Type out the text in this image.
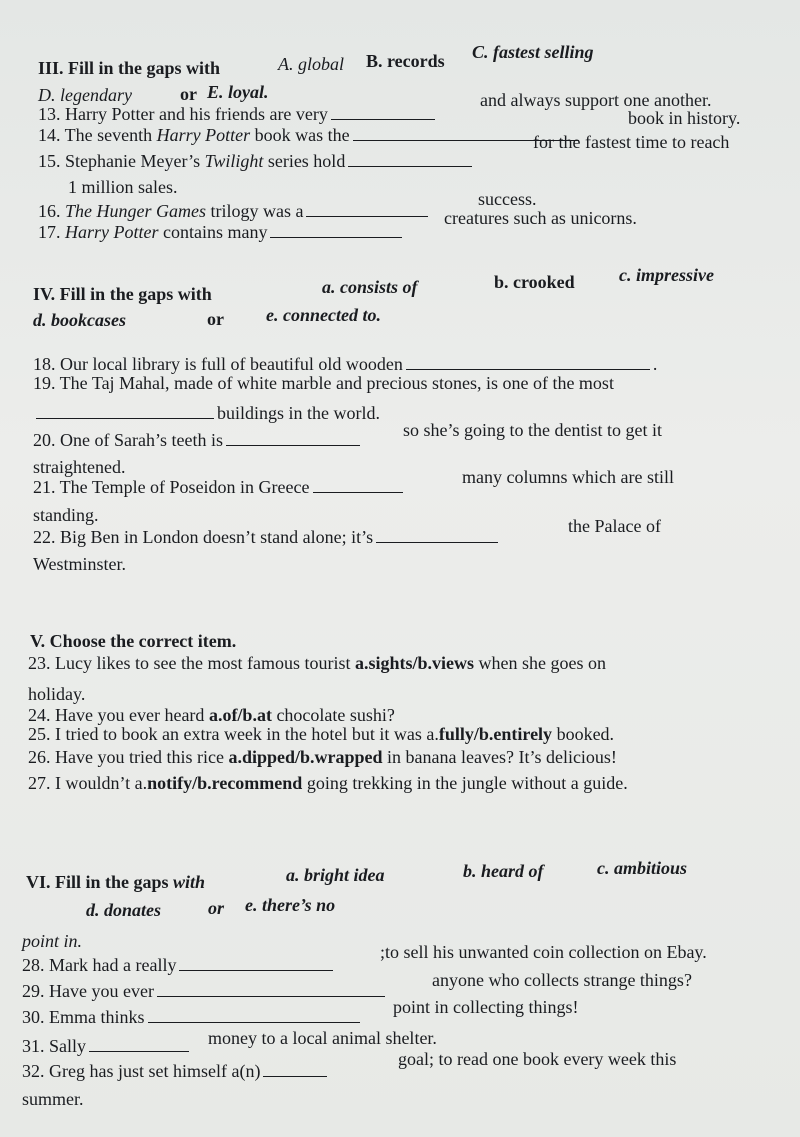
III. Fill in the gaps with	A. global B. records C. fastest selling
D. legendary	or E. loyal.
13. Harry Potter and his friends are very
and always support one another.
14. The seventh Harry Potter book was the
book in history.
15. Stephanie Meyer’s Twilight series hold
for the fastest time to reach
1 million sales.
16. The Hunger Games trilogy was a
success.
17. Harry Potter contains many
creatures such as unicorns.
IV. Fill in the gaps with	a. consists of	b. crooked c. impressive
d. bookcases	or e. connected to.
18. Our local library is full of beautiful old wooden	.
19. The Taj Mahal, made of white marble and precious stones, is one of the most
buildings in the world.
20. One of Sarah’s teeth is	so she’s going to the dentist to get it
straightened.
21. The Temple of Poseidon in Greece	many columns which are still
standing.
22. Big Ben in London doesn’t stand alone; it’s
the Palace of
Westminster.
V. Choose the correct item.
23. Lucy likes to see the most famous tourist a.sights/b.views when she goes on
holiday.
24. Have you ever heard a.of/b.at chocolate sushi?
25. I tried to book an extra week in the hotel but it was a.fully/b.entirely booked.
26. Have you tried this rice a.dipped/b.wrapped in banana leaves? It’s delicious!
27. I wouldn’t a.notify/b.recommend going trekking in the jungle without a guide.
VI. Fill in the gaps with	a. bright idea	b. heard of	c. ambitious
d. donates	or e. there’s no
point in.
28. Mark had a really
;to sell his unwanted coin collection on Ebay.
29. Have you ever
anyone who collects strange things?
30. Emma thinks	point in collecting things!
31. Sally	money to a local animal shelter.
32. Greg has just set himself a(n)
goal; to read one book every week this
summer.
